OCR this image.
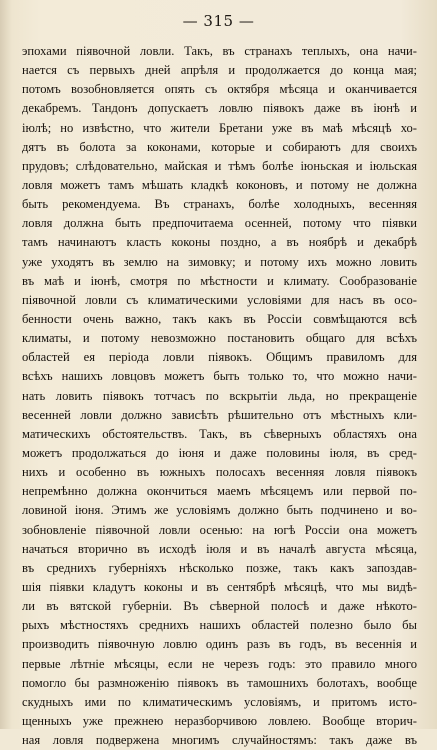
— 315 —
эпохами піявочной ловли. Такъ, въ странахъ теплыхъ, она начи-
нается съ первыхъ дней апрѣля и продолжается до конца мая;
потомъ возобновляется опять съ октября мѣсяца и оканчивается
декабремъ. Тандонъ допускаетъ ловлю піявокъ даже въ іюнѣ и
іюлѣ; но извѣстно, что жители Бретани уже въ маѣ мѣсяцѣ хо-
дятъ въ болота за коконами, которые и собираютъ для своихъ
прудовъ; слѣдовательно, майская и тѣмъ болѣе іюньская и іюльская
ловля можетъ тамъ мѣшать кладкѣ коконовъ, и потому не должна
быть рекомендуема. Въ странахъ, болѣе холодныхъ, весенняя
ловля должна быть предпочитаема осенней, потому что піявки
тамъ начинаютъ класть коконы поздно, а въ ноябрѣ и декабрѣ
уже уходятъ въ землю на зимовку; и потому ихъ можно ловить
въ маѣ и іюнѣ, смотря по мѣстности и климату. Сообразованіе
піявочной ловли съ климатическими условіями для насъ въ осо-
бенности очень важно, такъ какъ въ Россіи совмѣщаются всѣ
климаты, и потому невозможно постановить общаго для всѣхъ
областей ея періода ловли піявокъ. Общимъ правиломъ для
всѣхъ нашихъ ловцовъ можетъ быть только то, что можно начи-
нать ловить піявокъ тотчасъ по вскрытіи льда, но прекращеніе
весенней ловли должно зависѣть рѣшительно отъ мѣстныхъ кли-
матическихъ обстоятельствъ. Такъ, въ сѣверныхъ областяхъ она
можетъ продолжаться до іюня и даже половины іюля, въ сред-
нихъ и особенно въ южныхъ полосахъ весенняя ловля піявокъ
непремѣнно должна окончиться маемъ мѣсяцемъ или первой по-
ловиной іюня. Этимъ же условіямъ должно быть подчинено и во-
зобновленіе піявочной ловли осенью: на югѣ Россіи она можетъ
начаться вторично въ исходѣ іюля и въ началѣ августа мѣсяца,
въ среднихъ губерніяхъ нѣсколько позже, такъ какъ запоздав-
шія піявки кладутъ коконы и въ сентябрѣ мѣсяцѣ, что мы видѣ-
ли въ вятской губерніи. Въ сѣверной полосѣ и даже нѣкото-
рыхъ мѣстностяхъ среднихъ нашихъ областей полезно было бы
производить піявочную ловлю одинъ разъ въ годъ, въ весеннія и
первые лѣтніе мѣсяцы, если не черезъ годъ: это правило много
помогло бы размноженію піявокъ въ тамошнихъ болотахъ, вообще
скудныхъ ими по климатическимъ условіямъ, и притомъ исто-
щенныхъ уже прежнею неразборчивою ловлею. Вообще вторич-
ная ловля подвержена многимъ случайностямъ: такъ даже въ
